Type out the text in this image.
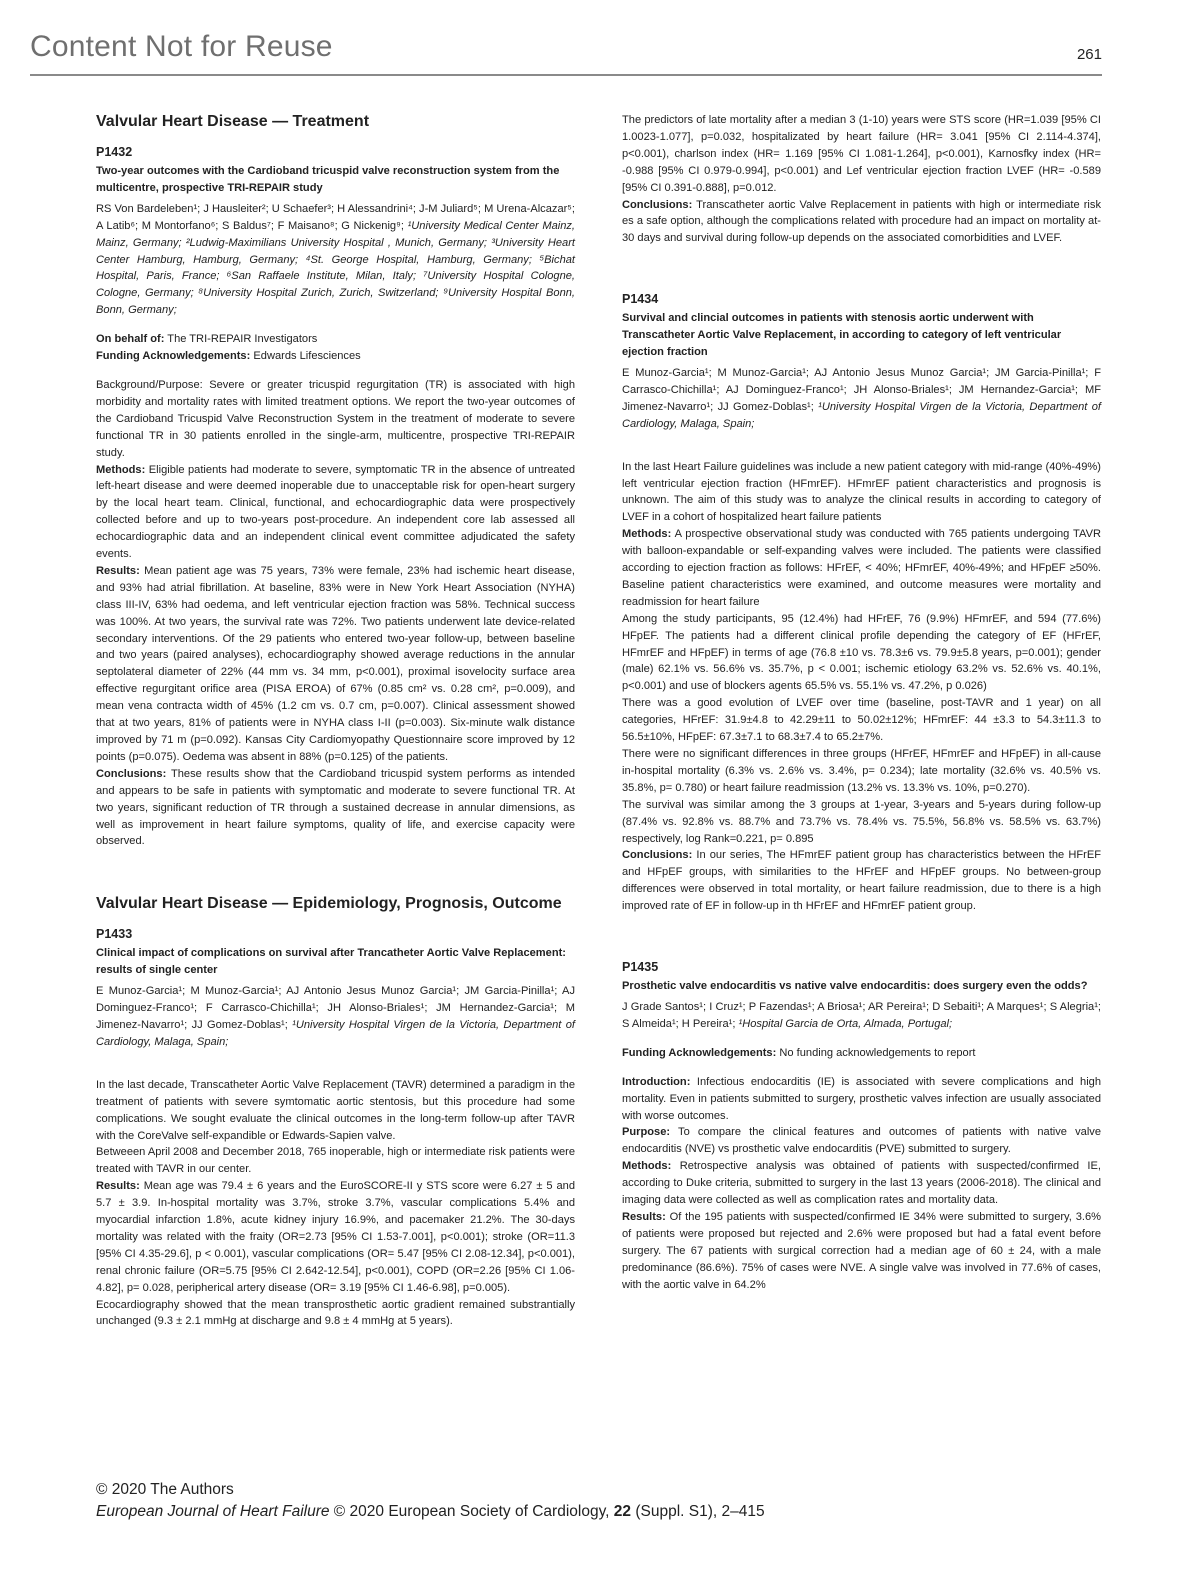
Content Not for Reuse	261
Valvular Heart Disease — Treatment
P1432
Two-year outcomes with the Cardioband tricuspid valve reconstruction system from the multicentre, prospective TRI-REPAIR study

RS Von Bardeleben¹; J Hausleiter²; U Schaefer³; H Alessandrini⁴; J-M Juliard⁵; M Urena-Alcazar⁵; A Latib⁶; M Montorfano⁶; S Baldus⁷; F Maisano⁸; G Nickenig⁹; ¹University Medical Center Mainz, Mainz, Germany; ²Ludwig-Maximilians University Hospital , Munich, Germany; ³University Heart Center Hamburg, Hamburg, Germany; ⁴St. George Hospital, Hamburg, Germany; ⁵Bichat Hospital, Paris, France; ⁶San Raffaele Institute, Milan, Italy; ⁷University Hospital Cologne, Cologne, Germany; ⁸University Hospital Zurich, Zurich, Switzerland; ⁹University Hospital Bonn, Bonn, Germany;

On behalf of: The TRI-REPAIR Investigators

Funding Acknowledgements: Edwards Lifesciences

Background/Purpose: Severe or greater tricuspid regurgitation (TR) is associated with high morbidity and mortality rates with limited treatment options. We report the two-year outcomes of the Cardioband Tricuspid Valve Reconstruction System in the treatment of moderate to severe functional TR in 30 patients enrolled in the single-arm, multicentre, prospective TRI-REPAIR study.

Methods: Eligible patients had moderate to severe, symptomatic TR in the absence of untreated left-heart disease and were deemed inoperable due to unacceptable risk for open-heart surgery by the local heart team. Clinical, functional, and echocardiographic data were prospectively collected before and up to two-years post-procedure. An independent core lab assessed all echocardiographic data and an independent clinical event committee adjudicated the safety events.

Results: Mean patient age was 75 years, 73% were female, 23% had ischemic heart disease, and 93% had atrial fibrillation. At baseline, 83% were in New York Heart Association (NYHA) class III-IV, 63% had oedema, and left ventricular ejection fraction was 58%. Technical success was 100%. At two years, the survival rate was 72%. Two patients underwent late device-related secondary interventions. Of the 29 patients who entered two-year follow-up, between baseline and two years (paired analyses), echocardiography showed average reductions in the annular septolateral diameter of 22% (44 mm vs. 34 mm, p<0.001), proximal isovelocity surface area effective regurgitant orifice area (PISA EROA) of 67% (0.85 cm² vs. 0.28 cm², p=0.009), and mean vena contracta width of 45% (1.2 cm vs. 0.7 cm, p=0.007). Clinical assessment showed that at two years, 81% of patients were in NYHA class I-II (p=0.003). Six-minute walk distance improved by 71 m (p=0.092). Kansas City Cardiomyopathy Questionnaire score improved by 12 points (p=0.075). Oedema was absent in 88% (p=0.125) of the patients.

Conclusions: These results show that the Cardioband tricuspid system performs as intended and appears to be safe in patients with symptomatic and moderate to severe functional TR. At two years, significant reduction of TR through a sustained decrease in annular dimensions, as well as improvement in heart failure symptoms, quality of life, and exercise capacity were observed.

Valvular Heart Disease — Epidemiology, Prognosis, Outcome
P1433
Clinical impact of complications on survival after Trancatheter Aortic Valve Replacement: results of single center

E Munoz-Garcia¹; M Munoz-Garcia¹; AJ Antonio Jesus Munoz Garcia¹; JM Garcia-Pinilla¹; AJ Dominguez-Franco¹; F Carrasco-Chichilla¹; JH Alonso-Briales¹; JM Hernandez-Garcia¹; M Jimenez-Navarro¹; JJ Gomez-Doblas¹; ¹University Hospital Virgen de la Victoria, Department of Cardiology, Malaga, Spain;

In the last decade, Transcatheter Aortic Valve Replacement (TAVR) determined a paradigm in the treatment of patients with severe symtomatic aortic stentosis, but this procedure had some complications. We sought evaluate the clinical outcomes in the long-term follow-up after TAVR with the CoreValve self-expandible or Edwards-Sapien valve.

Betweeen April 2008 and December 2018, 765 inoperable, high or intermediate risk patients were treated with TAVR in our center.

Results: Mean age was 79.4 ± 6 years and the EuroSCORE-II y STS score were 6.27 ± 5 and 5.7 ± 3.9. In-hospital mortality was 3.7%, stroke 3.7%, vascular complications 5.4% and myocardial infarction 1.8%, acute kidney injury 16.9%, and pacemaker 21.2%. The 30-days mortality was related with the fraity (OR=2.73 [95% CI 1.53-7.001], p<0.001); stroke (OR=11.3 [95% CI 4.35-29.6], p < 0.001), vascular complications (OR= 5.47 [95% CI 2.08-12.34], p<0.001), renal chronic failure (OR=5.75 [95% CI 2.642-12.54], p<0.001), COPD (OR=2.26 [95% CI 1.06-4.82], p= 0.028, peripherical artery disease (OR= 3.19 [95% CI 1.46-6.98], p=0.005).

Ecocardiography showed that the mean transprosthetic aortic gradient remained substrantially unchanged (9.3 ± 2.1 mmHg at discharge and 9.8 ± 4 mmHg at 5 years).

The predictors of late mortality after a median 3 (1-10) years were STS score (HR=1.039 [95% CI 1.0023-1.077], p=0.032, hospitalizated by heart failure (HR= 3.041 [95% CI 2.114-4.374], p<0.001), charlson index (HR= 1.169 [95% CI 1.081-1.264], p<0.001), Karnosfky index (HR= -0.988 [95% CI 0.979-0.994], p<0.001) and Lef ventricular ejection fraction LVEF (HR= -0.589 [95% CI 0.391-0.888], p=0.012.

Conclusions: Transcatheter aortic Valve Replacement in patients with high or intermediate risk es a safe option, although the complications related with procedure had an impact on mortality at-30 days and survival during follow-up depends on the associated comorbidities and LVEF.

P1434
Survival and clincial outcomes in patients with stenosis aortic underwent with Transcatheter Aortic Valve Replacement, in according to category of left ventricular ejection fraction

E Munoz-Garcia¹; M Munoz-Garcia¹; AJ Antonio Jesus Munoz Garcia¹; JM Garcia-Pinilla¹; F Carrasco-Chichilla¹; AJ Dominguez-Franco¹; JH Alonso-Briales¹; JM Hernandez-Garcia¹; MF Jimenez-Navarro¹; JJ Gomez-Doblas¹; ¹University Hospital Virgen de la Victoria, Department of Cardiology, Malaga, Spain;

In the last Heart Failure guidelines was include a new patient category with mid-range (40%-49%) left ventricular ejection fraction (HFmrEF). HFmrEF patient characteristics and prognosis is unknown. The aim of this study was to analyze the clinical results in according to category of LVEF in a cohort of hospitalized heart failure patients

Methods: A prospective observational study was conducted with 765 patients undergoing TAVR with balloon-expandable or self-expanding valves were included. The patients were classified according to ejection fraction as follows: HFrEF, < 40%; HFmrEF, 40%-49%; and HFpEF ≥50%. Baseline patient characteristics were examined, and outcome measures were mortality and readmission for heart failure

Among the study participants, 95 (12.4%) had HFrEF, 76 (9.9%) HFmrEF, and 594 (77.6%) HFpEF. The patients had a different clinical profile depending the category of EF (HFrEF, HFmrEF and HFpEF) in terms of age (76.8 ±10 vs. 78.3±6 vs. 79.9±5.8 years, p=0.001); gender (male) 62.1% vs. 56.6% vs. 35.7%, p < 0.001; ischemic etiology 63.2% vs. 52.6% vs. 40.1%, p<0.001) and use of blockers agents 65.5% vs. 55.1% vs. 47.2%, p 0.026)

There was a good evolution of LVEF over time (baseline, post-TAVR and 1 year) on all categories, HFrEF: 31.9±4.8 to 42.29±11 to 50.02±12%; HFmrEF: 44 ±3.3 to 54.3±11.3 to 56.5±10%, HFpEF: 67.3±7.1 to 68.3±7.4 to 65.2±7%.

There were no significant differences in three groups (HFrEF, HFmrEF and HFpEF) in all-cause in-hospital mortality (6.3% vs. 2.6% vs. 3.4%, p= 0.234); late mortality (32.6% vs. 40.5% vs. 35.8%, p= 0.780) or heart failure readmission (13.2% vs. 13.3% vs. 10%, p=0.270).

The survival was similar among the 3 groups at 1-year, 3-years and 5-years during follow-up (87.4% vs. 92.8% vs. 88.7% and 73.7% vs. 78.4% vs. 75.5%, 56.8% vs. 58.5% vs. 63.7%) respectively, log Rank=0.221, p= 0.895

Conclusions: In our series, The HFmrEF patient group has characteristics between the HFrEF and HFpEF groups, with similarities to the HFrEF and HFpEF groups. No between-group differences were observed in total mortality, or heart failure readmission, due to there is a high improved rate of EF in follow-up in th HFrEF and HFmrEF patient group.

P1435
Prosthetic valve endocarditis vs native valve endocarditis: does surgery even the odds?

J Grade Santos¹; I Cruz¹; P Fazendas¹; A Briosa¹; AR Pereira¹; D Sebaiti¹; A Marques¹; S Alegria¹; S Almeida¹; H Pereira¹; ¹Hospital Garcia de Orta, Almada, Portugal;

Funding Acknowledgements: No funding acknowledgements to report

Introduction: Infectious endocarditis (IE) is associated with severe complications and high mortality. Even in patients submitted to surgery, prosthetic valves infection are usually associated with worse outcomes.

Purpose: To compare the clinical features and outcomes of patients with native valve endocarditis (NVE) vs prosthetic valve endocarditis (PVE) submitted to surgery.

Methods: Retrospective analysis was obtained of patients with suspected/confirmed IE, according to Duke criteria, submitted to surgery in the last 13 years (2006-2018). The clinical and imaging data were collected as well as complication rates and mortality data.

Results: Of the 195 patients with suspected/confirmed IE 34% were submitted to surgery, 3.6% of patients were proposed but rejected and 2.6% were proposed but had a fatal event before surgery. The 67 patients with surgical correction had a median age of 60 ± 24, with a male predominance (86.6%). 75% of cases were NVE. A single valve was involved in 77.6% of cases, with the aortic valve in 64.2%

© 2020 The Authors
European Journal of Heart Failure © 2020 European Society of Cardiology, 22 (Suppl. S1), 2–415
